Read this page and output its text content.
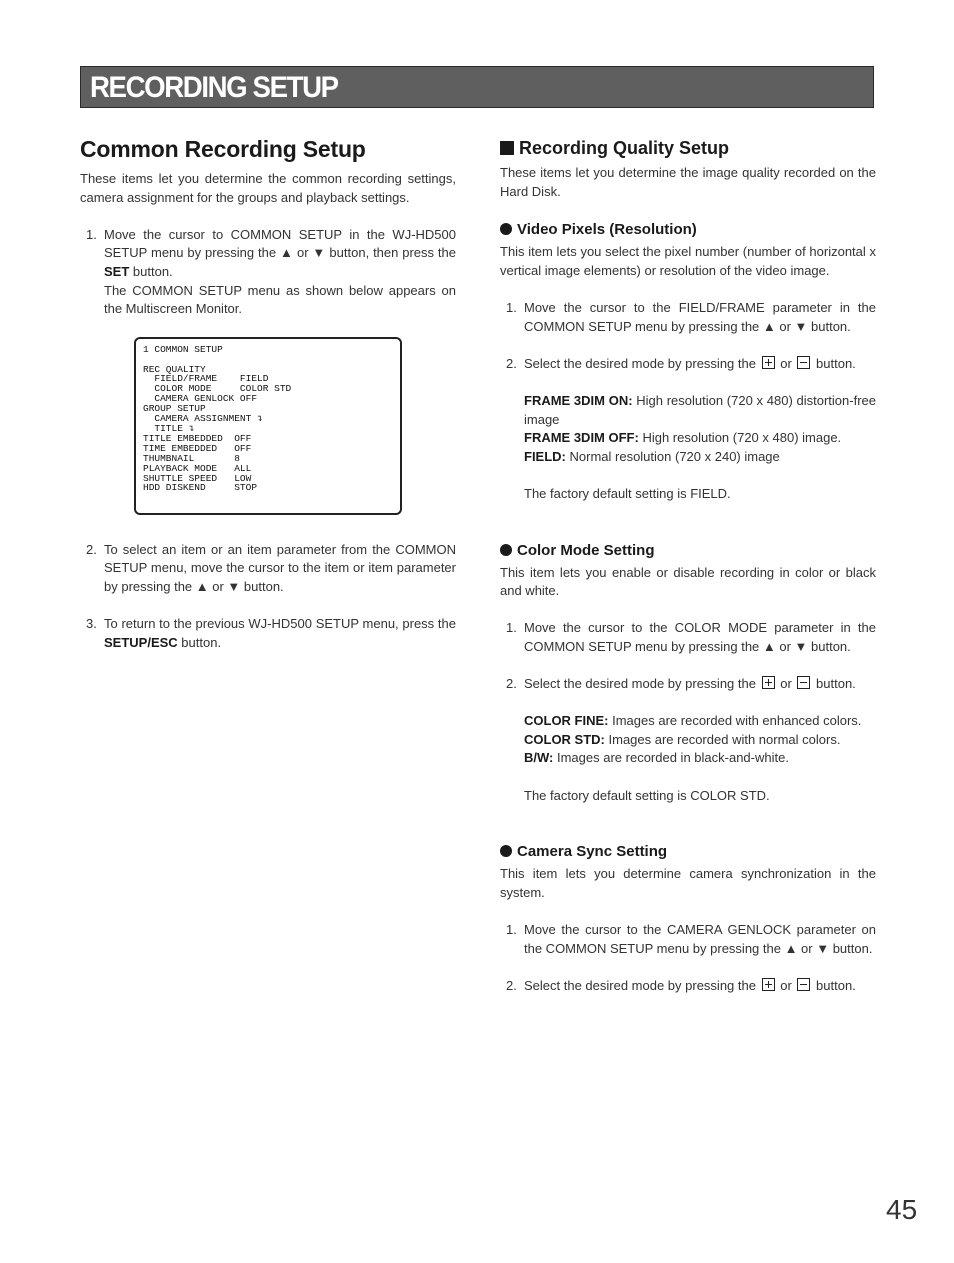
RECORDING SETUP
Common Recording Setup

These items let you determine the common recording settings, camera assignment for the groups and playback settings.

1. Move the cursor to COMMON SETUP in the WJ-HD500 SETUP menu by pressing the ▲ or ▼ button, then press the SET button.

The COMMON SETUP menu as shown below appears on the Multiscreen Monitor.

1 COMMON SETUP
REC QUALITY
FIELD/FRAME    FIELD
COLOR MODE     COLOR STD
CAMERA GENLOCK OFF
GROUP SETUP
CAMERA ASSIGNMENT ↴
TITLE ↴
TITLE EMBEDDED  OFF
TIME EMBEDDED   OFF
THUMBNAIL       8
PLAYBACK MODE   ALL
SHUTTLE SPEED   LOW
HDD DISKEND     STOP
2. To select an item or an item parameter from the COMMON SETUP menu, move the cursor to the item or item parameter by pressing the ▲ or ▼ button.
3. To return to the previous WJ-HD500 SETUP menu, press the SETUP/ESC button.
Recording Quality Setup

These items let you determine the image quality recorded on the Hard Disk.

Video Pixels (Resolution)

This item lets you select the pixel number (number of horizontal x vertical image elements) or resolution of the video image.

1. Move the cursor to the FIELD/FRAME parameter in the COMMON SETUP menu by pressing the ▲ or ▼ button.
2. Select the desired mode by pressing the or button.

FRAME 3DIM ON: High resolution (720 x 480) distortion-free image

FRAME 3DIM OFF: High resolution (720 x 480) image.

FIELD: Normal resolution (720 x 240) image

The factory default setting is FIELD.

Color Mode Setting

This item lets you enable or disable recording in color or black and white.

1. Move the cursor to the COLOR MODE parameter in the COMMON SETUP menu by pressing the ▲ or ▼ button.
2. Select the desired mode by pressing the or button.

COLOR FINE: Images are recorded with enhanced colors.

COLOR STD: Images are recorded with normal colors.

B/W: Images are recorded in black-and-white.

The factory default setting is COLOR STD.

Camera Sync Setting

This item lets you determine camera synchronization in the system.

1. Move the cursor to the CAMERA GENLOCK parameter on the COMMON SETUP menu by pressing the ▲ or ▼ button.
2. Select the desired mode by pressing the or button.
45
